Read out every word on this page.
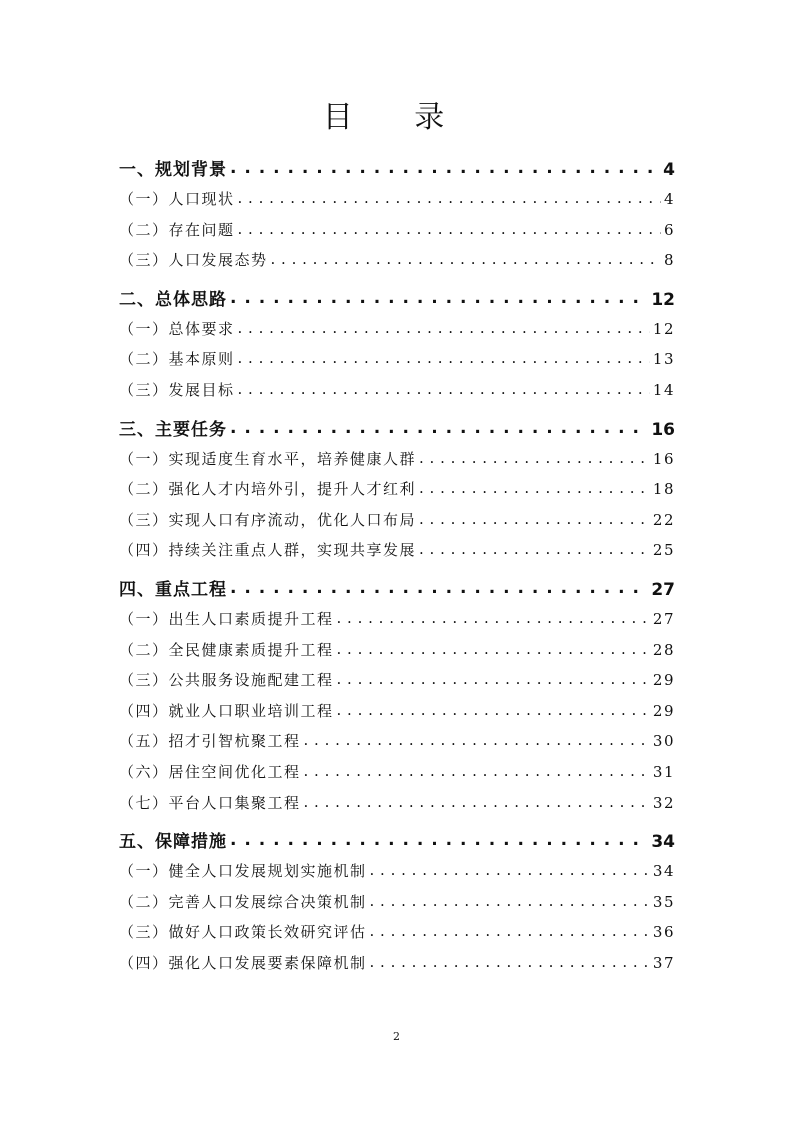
目 录
一、规划背景 . . .	4
（一）人口现状 . . .	4
（二）存在问题 . . .	6
（三）人口发展态势 . . .	8
二、总体思路 . . .	12
（一）总体要求 . . .	12
（二）基本原则 . . .	13
（三）发展目标 . . .	14
三、主要任务 . . .	16
（一）实现适度生育水平，培养健康人群 . . .	16
（二）强化人才内培外引，提升人才红利 . . .	18
（三）实现人口有序流动，优化人口布局 . . .	22
（四）持续关注重点人群，实现共享发展 . . .	25
四、重点工程 . . .	27
（一）出生人口素质提升工程 . . .	27
（二）全民健康素质提升工程 . . .	28
（三）公共服务设施配建工程 . . .	29
（四）就业人口职业培训工程 . . .	29
（五）招才引智杭聚工程 . . .	30
（六）居住空间优化工程 . . .	31
（七）平台人口集聚工程 . . .	32
五、保障措施 . . .	34
（一）健全人口发展规划实施机制 . . .	34
（二）完善人口发展综合决策机制 . . .	35
（三）做好人口政策长效研究评估 . . .	36
（四）强化人口发展要素保障机制 . . .	37
2
